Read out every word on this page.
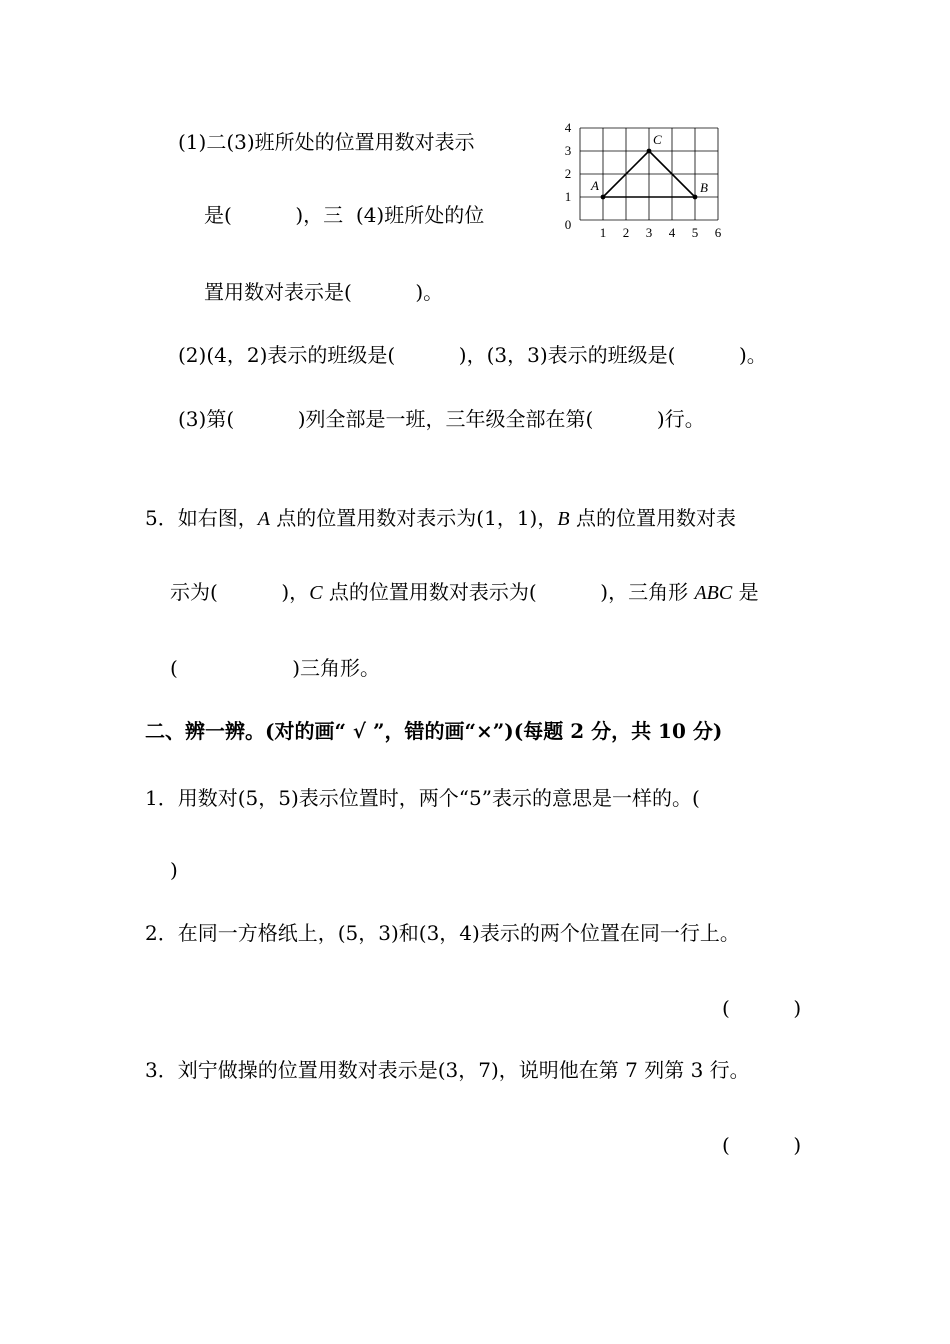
(1)二(3)班所处的位置用数对表示
是(          )，三  (4)班所处的位
置用数对表示是(          )。
(2)(4，2)表示的班级是(          )，(3，3)表示的班级是(          )。
(3)第(          )列全部是一班，三年级全部在第(          )行。
1 2 3 4 5 6
0
1
2
3
4
A
C
B
5．如右图，A 点的位置用数对表示为(1，1)，B 点的位置用数对表
示为(          )，C 点的位置用数对表示为(          )，三角形 ABC 是
(                  )三角形。
二、辨一辨。(对的画“ √ ”，错的画“×”)(每题 2 分，共 10 分)
1．用数对(5，5)表示位置时，两个“5”表示的意思是一样的。(
)
2．在同一方格纸上，(5，3)和(3，4)表示的两个位置在同一行上。
(          )
3．刘宁做操的位置用数对表示是(3，7)，说明他在第 7 列第 3 行。
(          )
